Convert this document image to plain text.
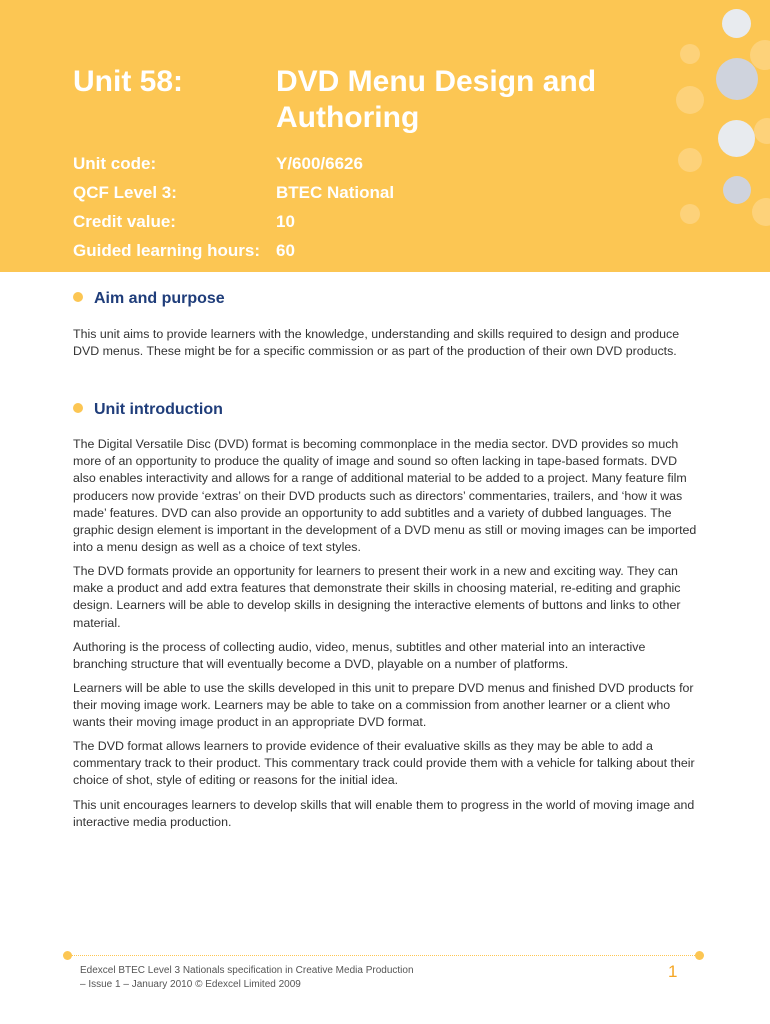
Unit 58:	DVD Menu Design and Authoring
Unit code:	Y/600/6626
QCF Level 3:	BTEC National
Credit value:	10
Guided learning hours: 60
Aim and purpose

This unit aims to provide learners with the knowledge, understanding and skills required to design and produce DVD menus. These might be for a specific commission or as part of the production of their own DVD products.

Unit introduction

The Digital Versatile Disc (DVD) format is becoming commonplace in the media sector. DVD provides so much more of an opportunity to produce the quality of image and sound so often lacking in tape-based formats. DVD also enables interactivity and allows for a range of additional material to be added to a project. Many feature film producers now provide ‘extras’ on their DVD products such as directors’ commentaries, trailers, and ‘how it was made’ features. DVD can also provide an opportunity to add subtitles and a variety of dubbed languages. The graphic design element is important in the development of a DVD menu as still or moving images can be imported into a menu design as well as a choice of text styles.

The DVD formats provide an opportunity for learners to present their work in a new and exciting way. They can make a product and add extra features that demonstrate their skills in choosing material, re-editing and graphic design. Learners will be able to develop skills in designing the interactive elements of buttons and links to other material.

Authoring is the process of collecting audio, video, menus, subtitles and other material into an interactive branching structure that will eventually become a DVD, playable on a number of platforms.

Learners will be able to use the skills developed in this unit to prepare DVD menus and finished DVD products for their moving image work. Learners may be able to take on a commission from another learner or a client who wants their moving image product in an appropriate DVD format.

The DVD format allows learners to provide evidence of their evaluative skills as they may be able to add a commentary track to their product. This commentary track could provide them with a vehicle for talking about their choice of shot, style of editing or reasons for the initial idea.

This unit encourages learners to develop skills that will enable them to progress in the world of moving image and interactive media production.

Edexcel BTEC Level 3 Nationals specification in Creative Media Production
– Issue 1 – January 2010 © Edexcel Limited 2009
1
